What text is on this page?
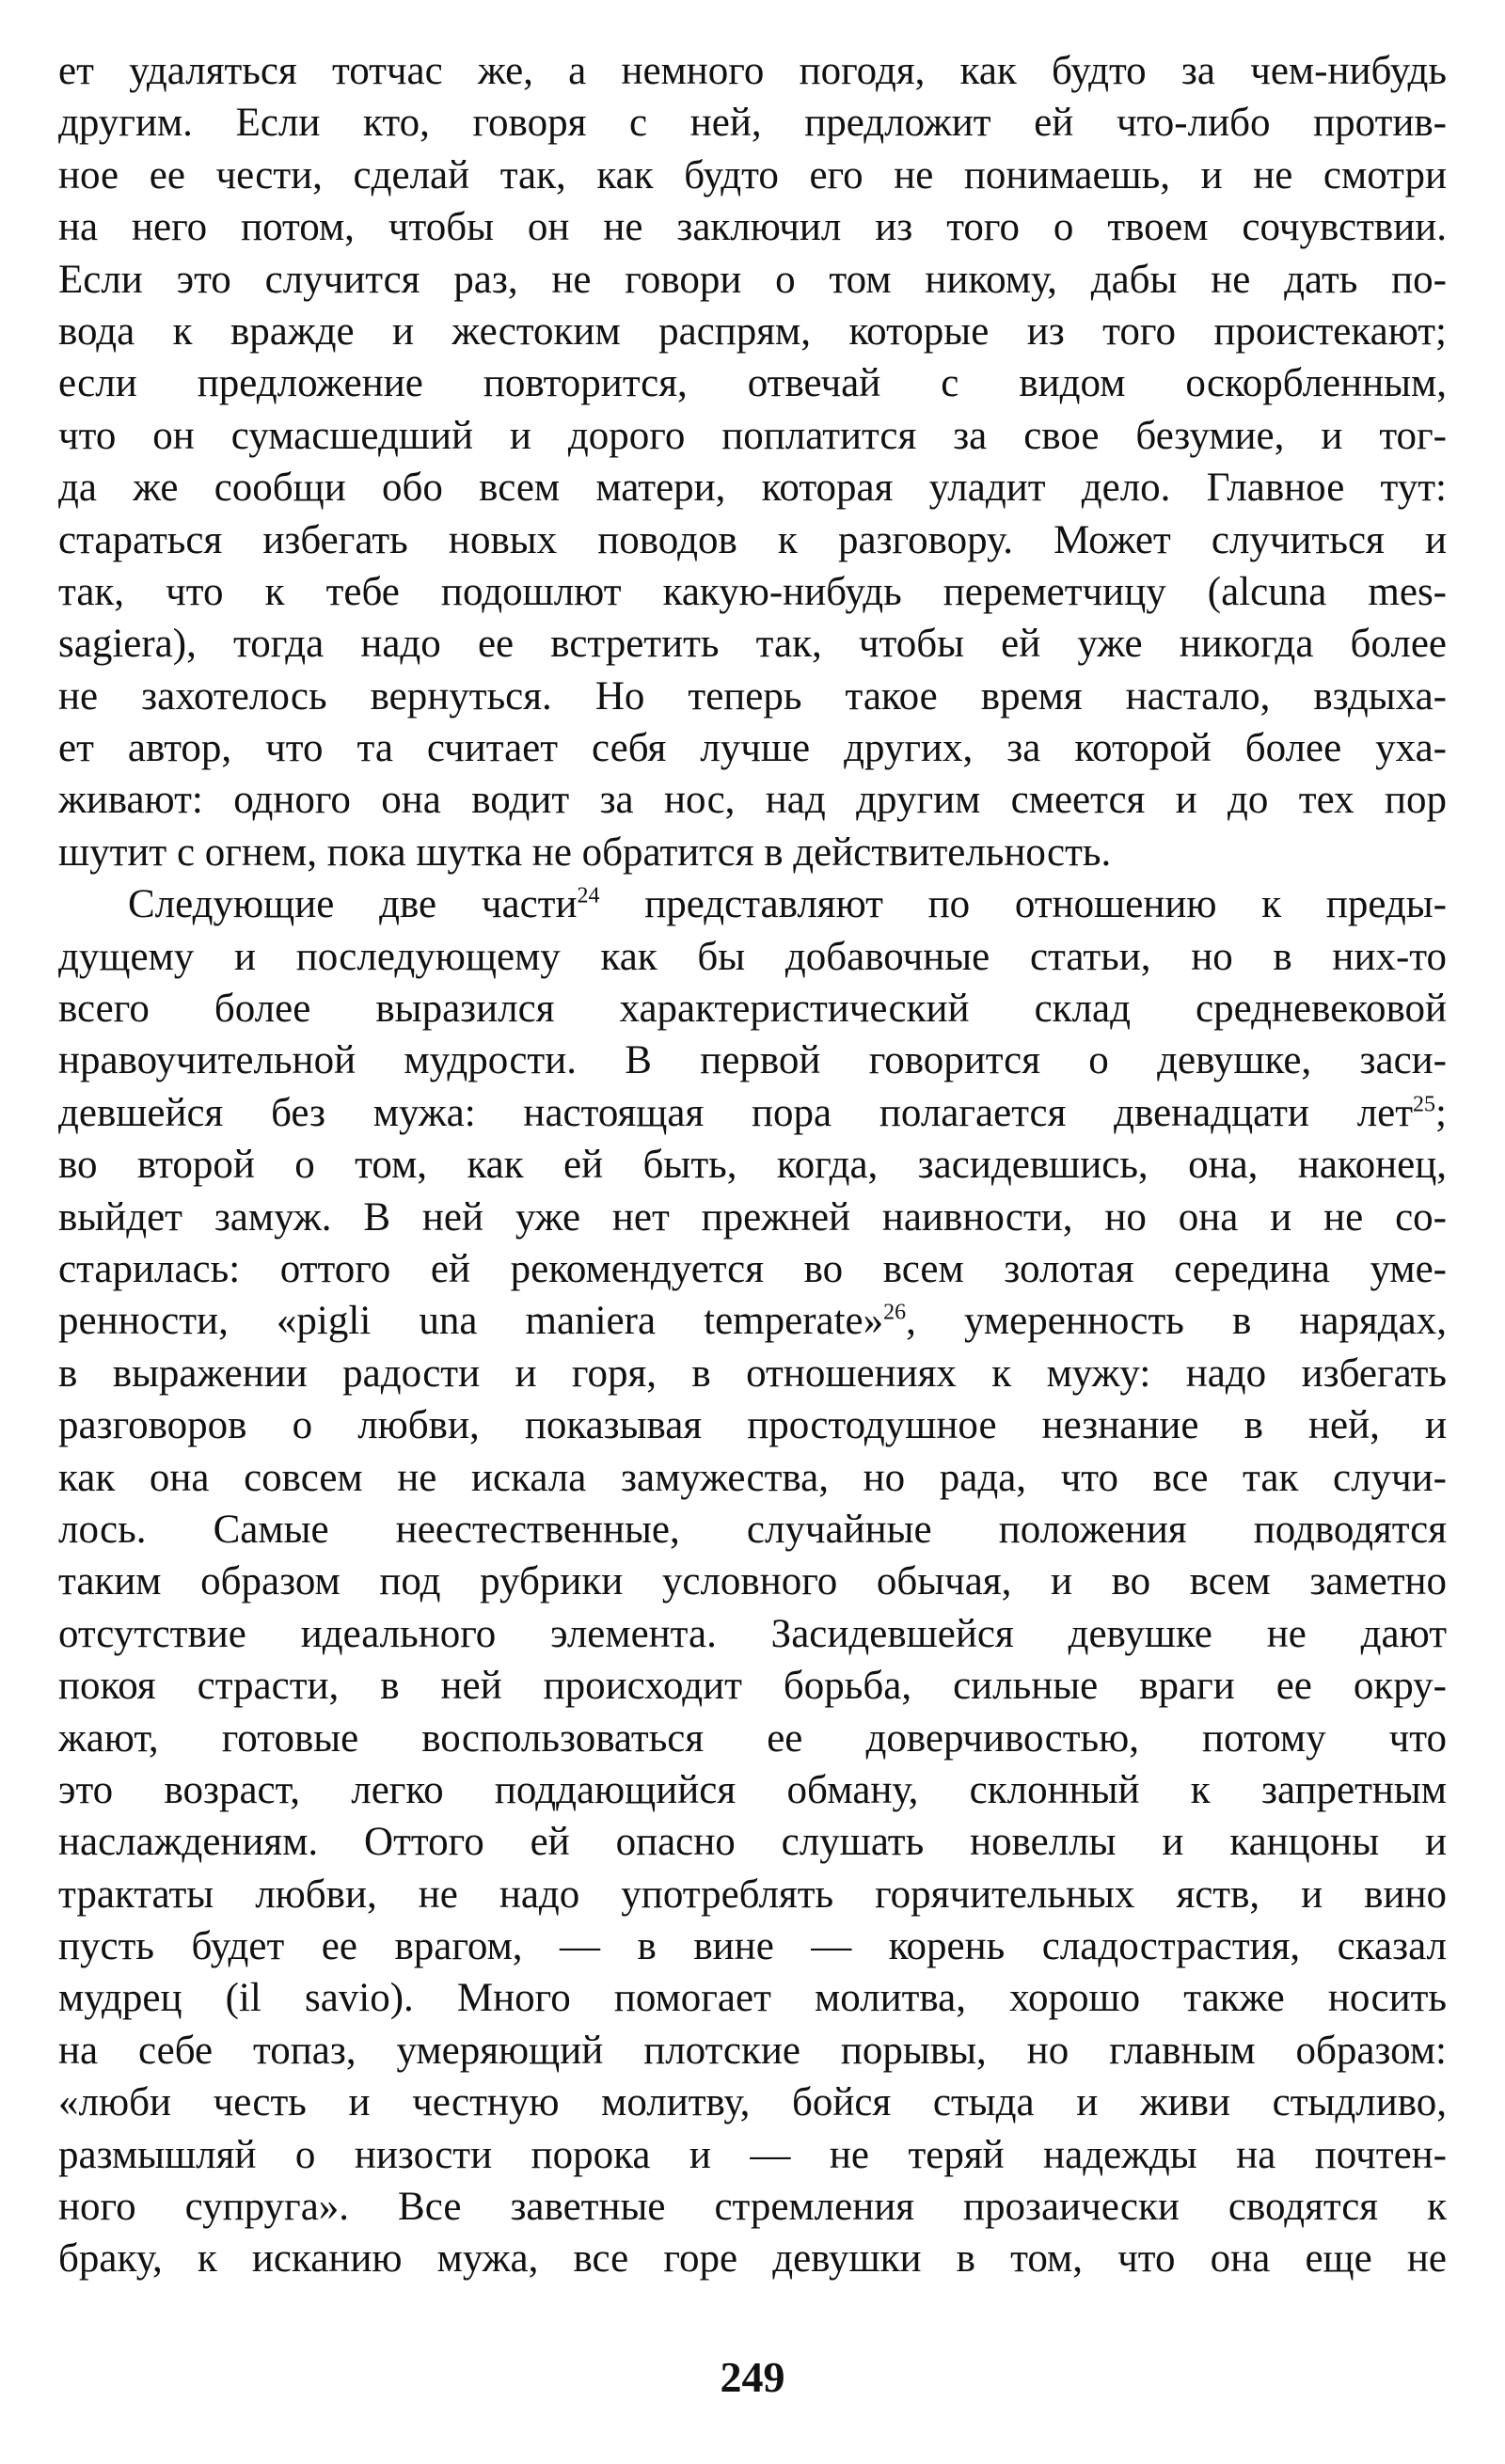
ет удаляться тотчас же, а немного погодя, как будто за чем-нибудь
другим. Если кто, говоря с ней, предложит ей что-либо против-
ное ее чести, сделай так, как будто его не понимаешь, и не смотри
на него потом, чтобы он не заключил из того о твоем сочувствии.
Если это случится раз, не говори о том никому, дабы не дать по-
вода к вражде и жестоким распрям, которые из того проистекают;
если предложение повторится, отвечай с видом оскорбленным,
что он сумасшедший и дорого поплатится за свое безумие, и тог-
да же сообщи обо всем матери, которая уладит дело. Главное тут:
стараться избегать новых поводов к разговору. Может случиться и
так, что к тебе подошлют какую-нибудь переметчицу (alcuna mes-
sagiera), тогда надо ее встретить так, чтобы ей уже никогда более
не захотелось вернуться. Но теперь такое время настало, вздыха-
ет автор, что та считает себя лучше других, за которой более уха-
живают: одного она водит за нос, над другим смеется и до тех пор
шутит с огнем, пока шутка не обратится в действительность.
Следующие две части$^{24}$ представляют по отношению к преды-
дущему и последующему как бы добавочные статьи, но в них-то
всего более выразился характеристический склад средневековой
нравоучительной мудрости. В первой говорится о девушке, заси-
девшейся без мужа: настоящая пора полагается двенадцати лет$^{25}$;
во второй о том, как ей быть, когда, засидевшись, она, наконец,
выйдет замуж. В ней уже нет прежней наивности, но она и не со-
старилась: оттого ей рекомендуется во всем золотая середина уме-
ренности, «pigli una maniera temperate»$^{26}$, умеренность в нарядах,
в выражении радости и горя, в отношениях к мужу: надо избегать
разговоров о любви, показывая простодушное незнание в ней, и
как она совсем не искала замужества, но рада, что все так случи-
лось. Самые неестественные, случайные положения подводятся
таким образом под рубрики условного обычая, и во всем заметно
отсутствие идеального элемента. Засидевшейся девушке не дают
покоя страсти, в ней происходит борьба, сильные враги ее окру-
жают, готовые воспользоваться ее доверчивостью, потому что
это возраст, легко поддающийся обману, склонный к запретным
наслаждениям. Оттого ей опасно слушать новеллы и канцоны и
трактаты любви, не надо употреблять горячительных яств, и вино
пусть будет ее врагом, — в вине — корень сладострастия, сказал
мудрец (il savio). Много помогает молитва, хорошо также носить
на себе топаз, умеряющий плотские порывы, но главным образом:
«люби честь и честную молитву, бойся стыда и живи стыдливо,
размышляй о низости порока и — не теряй надежды на почтен-
ного супруга». Все заветные стремления прозаически сводятся к
браку, к исканию мужа, все горе девушки в том, что она еще не
249
